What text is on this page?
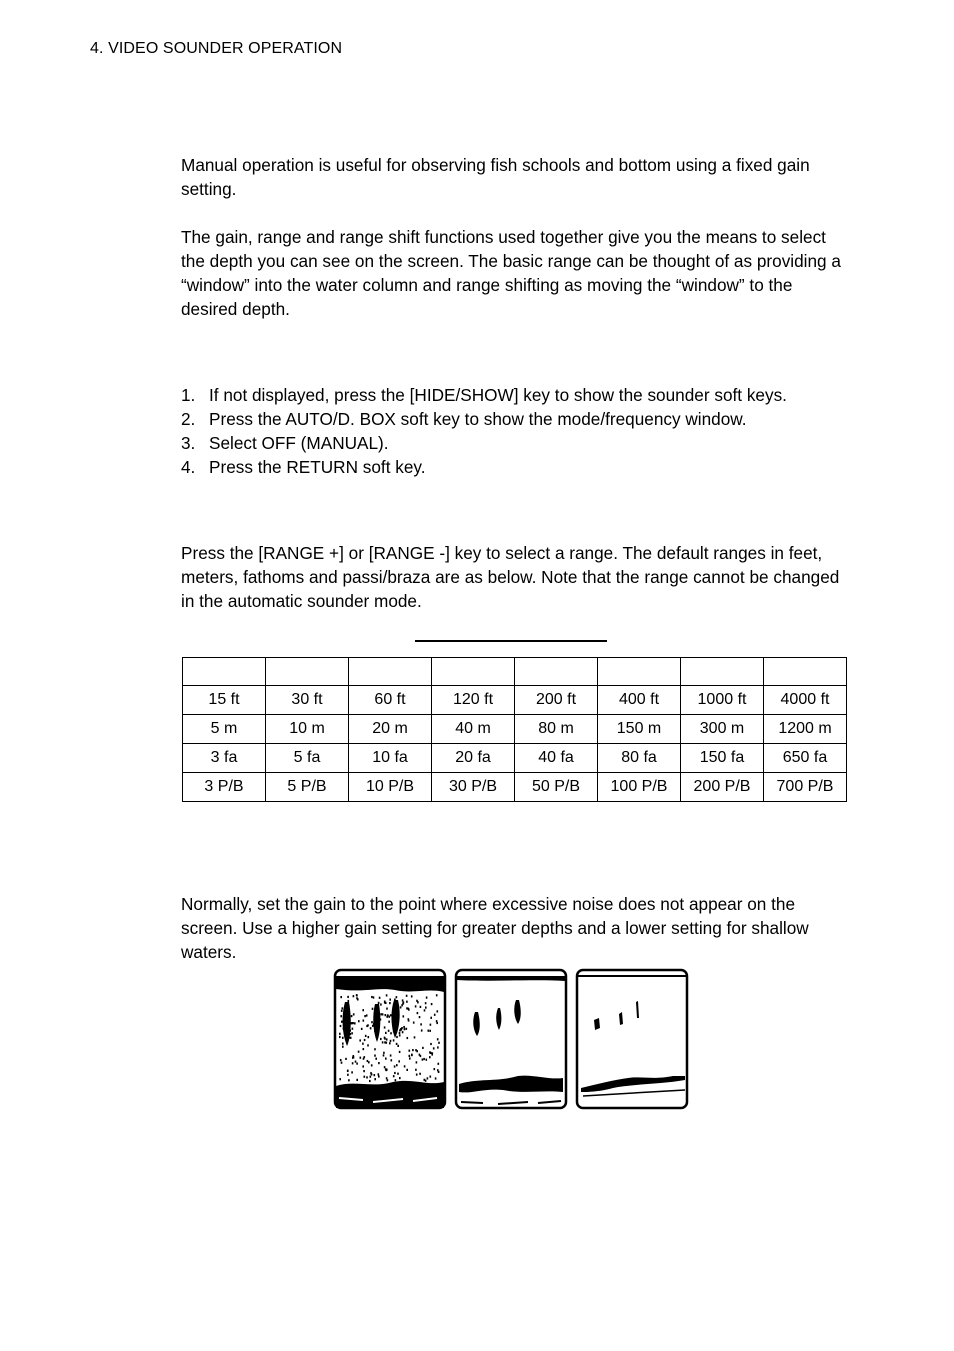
4. VIDEO SOUNDER OPERATION

Manual operation is useful for observing fish schools and bottom using a fixed gain setting.

The gain, range and range shift functions used together give you the means to select the depth you can see on the screen. The basic range can be thought of as providing a “window” into the water column and range shifting as moving the “window” to the desired depth.

1. If not displayed, press the [HIDE/SHOW] key to show the sounder soft keys.
2. Press the AUTO/D. BOX soft key to show the mode/frequency window.
3. Select OFF (MANUAL).
4. Press the RETURN soft key.

Press the [RANGE +] or [RANGE -] key to select a range. The default ranges in feet, meters, fathoms and passi/braza are as below. Note that the range cannot be changed in the automatic sounder mode.

15 ft	30 ft	60 ft	120 ft	200 ft	400 ft	1000 ft	4000 ft
5 m	10 m	20 m	40 m	80 m	150 m	300 m	1200 m
3 fa	5 fa	10 fa	20 fa	40 fa	80 fa	150 fa	650 fa
3 P/B	5 P/B	10 P/B	30 P/B	50 P/B	100 P/B	200 P/B	700 P/B

Normally, set the gain to the point where excessive noise does not appear on the screen. Use a higher gain setting for greater depths and a lower setting for shallow waters.
